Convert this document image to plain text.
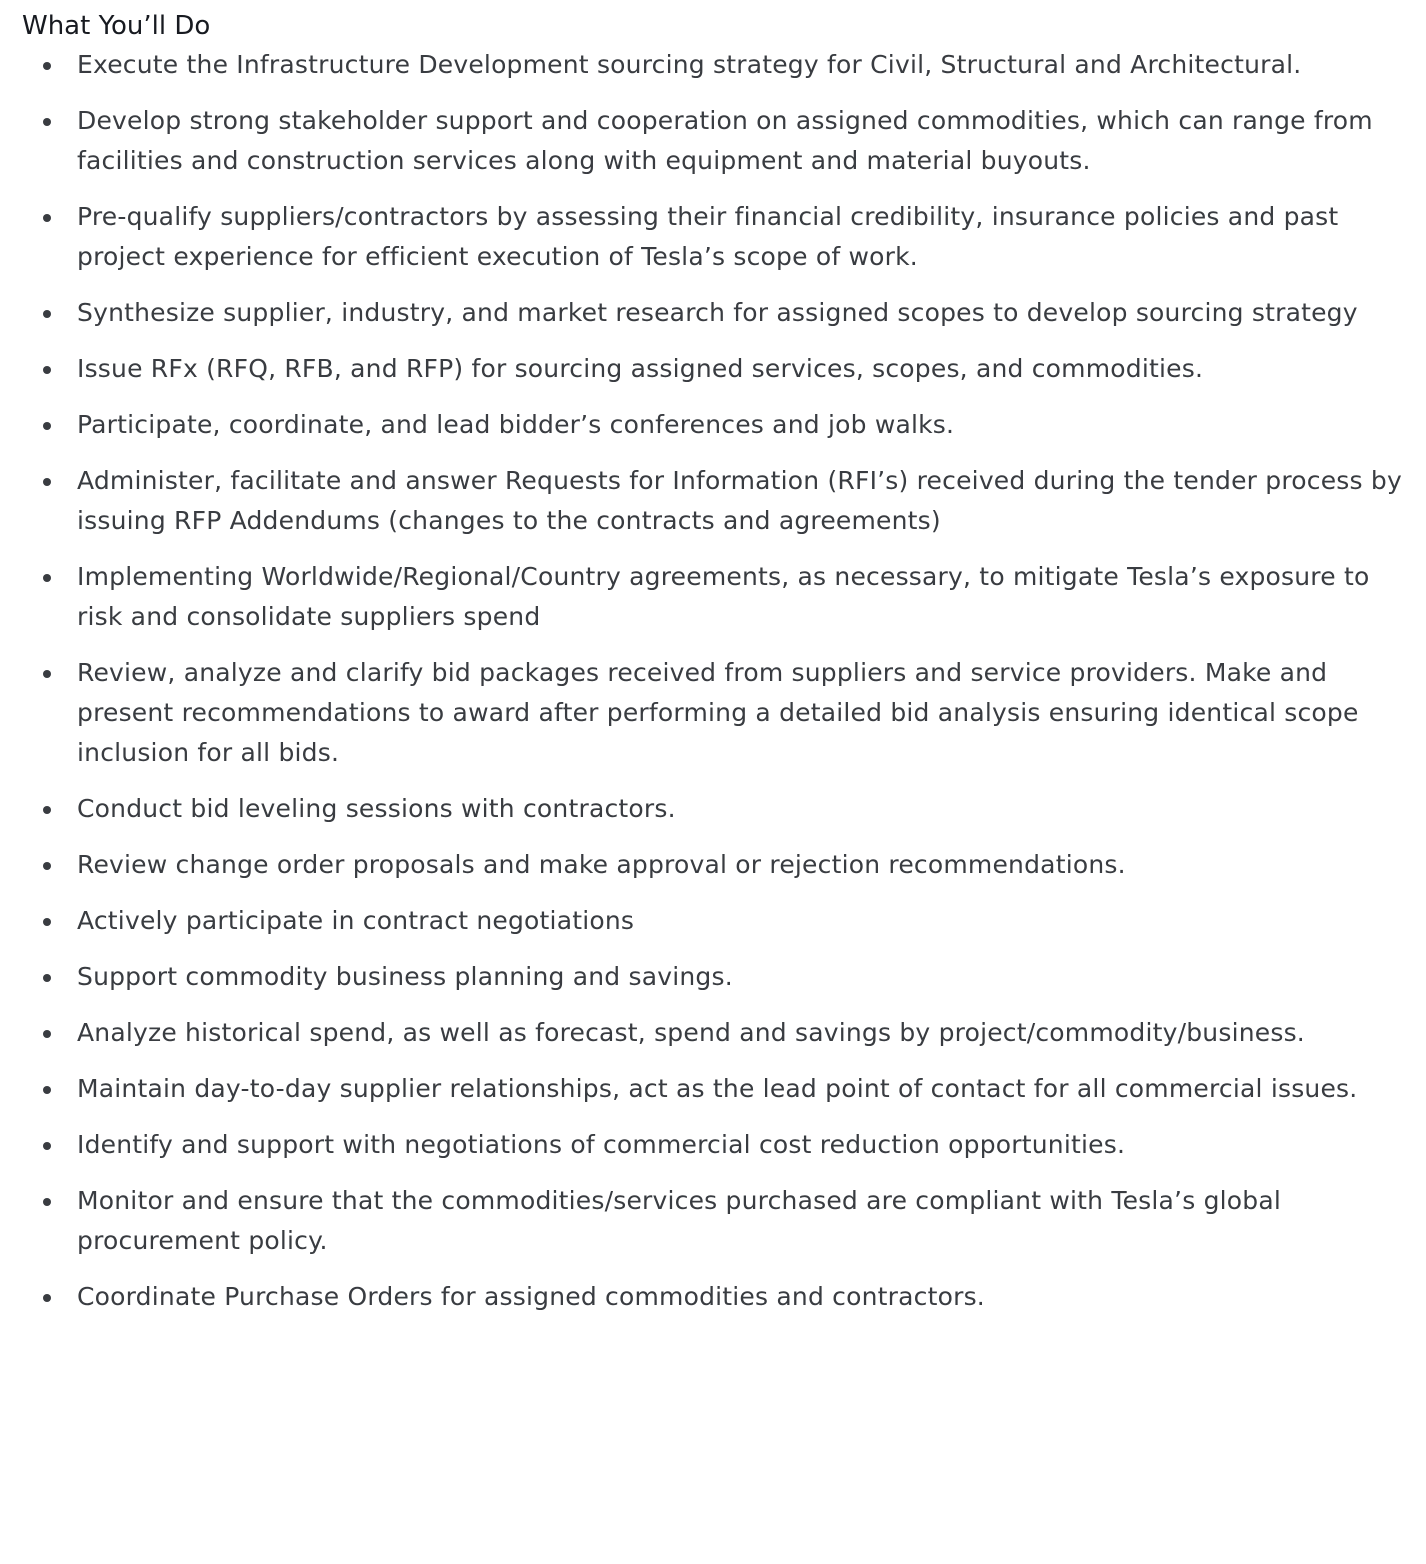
What You’ll Do
Execute the Infrastructure Development sourcing strategy for Civil, Structural and Architectural.
Develop strong stakeholder support and cooperation on assigned commodities, which can range from facilities and construction services along with equipment and material buyouts.
Pre-qualify suppliers/contractors by assessing their financial credibility, insurance policies and past project experience for efficient execution of Tesla’s scope of work.
Synthesize supplier, industry, and market research for assigned scopes to develop sourcing strategy
Issue RFx (RFQ, RFB, and RFP) for sourcing assigned services, scopes, and commodities.
Participate, coordinate, and lead bidder’s conferences and job walks.
Administer, facilitate and answer Requests for Information (RFI’s) received during the tender process by issuing RFP Addendums (changes to the contracts and agreements)
Implementing Worldwide/Regional/Country agreements, as necessary, to mitigate Tesla’s exposure to risk and consolidate suppliers spend
Review, analyze and clarify bid packages received from suppliers and service providers. Make and present recommendations to award after performing a detailed bid analysis ensuring identical scope inclusion for all bids.
Conduct bid leveling sessions with contractors.
Review change order proposals and make approval or rejection recommendations.
Actively participate in contract negotiations
Support commodity business planning and savings.
Analyze historical spend, as well as forecast, spend and savings by project/commodity/business.
Maintain day-to-day supplier relationships, act as the lead point of contact for all commercial issues.
Identify and support with negotiations of commercial cost reduction opportunities.
Monitor and ensure that the commodities/services purchased are compliant with Tesla’s global procurement policy.
Coordinate Purchase Orders for assigned commodities and contractors.
